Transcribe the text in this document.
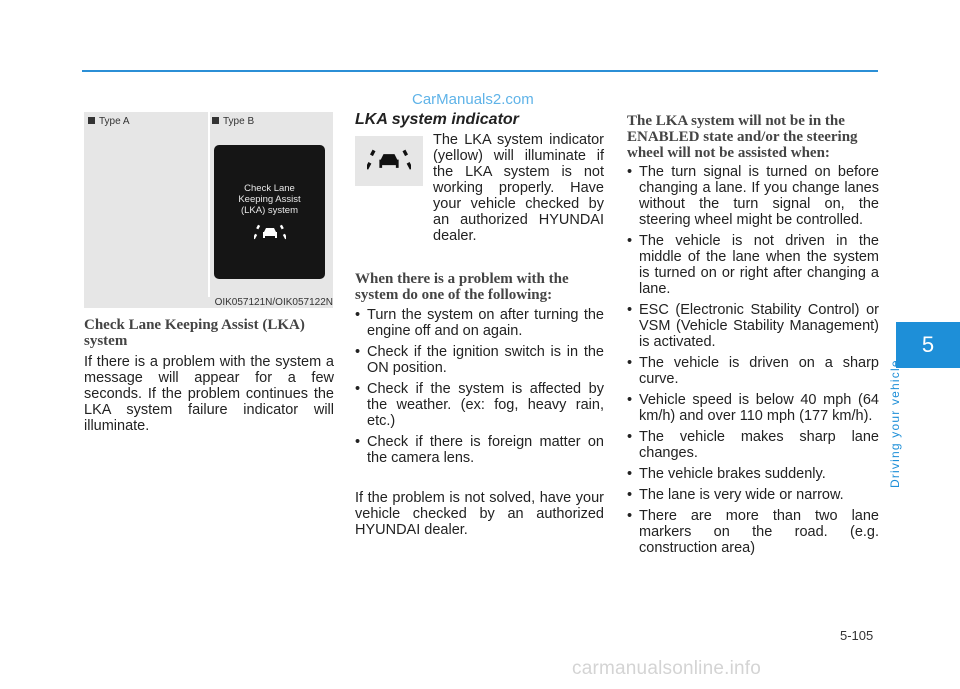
CarManuals2.com
Type A	Type B
Check Lane
Keeping Assist
(LKA) system
OIK057121N/OIK057122N
Check Lane Keeping Assist (LKA) system
If there is a problem with the system a message will appear for a few seconds. If the problem continues the LKA system failure indicator will illuminate.
LKA system indicator
The LKA system indicator (yellow) will illuminate if the LKA system is not working properly. Have your vehicle checked by an authorized HYUNDAI dealer.
When there is a problem with the system do one of the following:
• Turn the system on after turning the engine off and on again.
• Check if the ignition switch is in the ON position.
• Check if the system is affected by the weather. (ex: fog, heavy rain, etc.)
• Check if there is foreign matter on the camera lens.
If the problem is not solved, have your vehicle checked by an authorized HYUNDAI dealer.
The LKA system will not be in the ENABLED state and/or the steering wheel will not be assisted when:
• The turn signal is turned on before changing a lane. If you change lanes without the turn signal on, the steering wheel might be controlled.
• The vehicle is not driven in the middle of the lane when the system is turned on or right after changing a lane.
• ESC (Electronic Stability Control) or VSM (Vehicle Stability Management) is activated.
• The vehicle is driven on a sharp curve.
• Vehicle speed is below 40 mph (64 km/h) and over 110 mph (177 km/h).
• The vehicle makes sharp lane changes.
• The vehicle brakes suddenly.
• The lane is very wide or narrow.
• There are more than two lane markers on the road. (e.g. construction area)
5
Driving your vehicle
5-105
carmanualsonline.info
